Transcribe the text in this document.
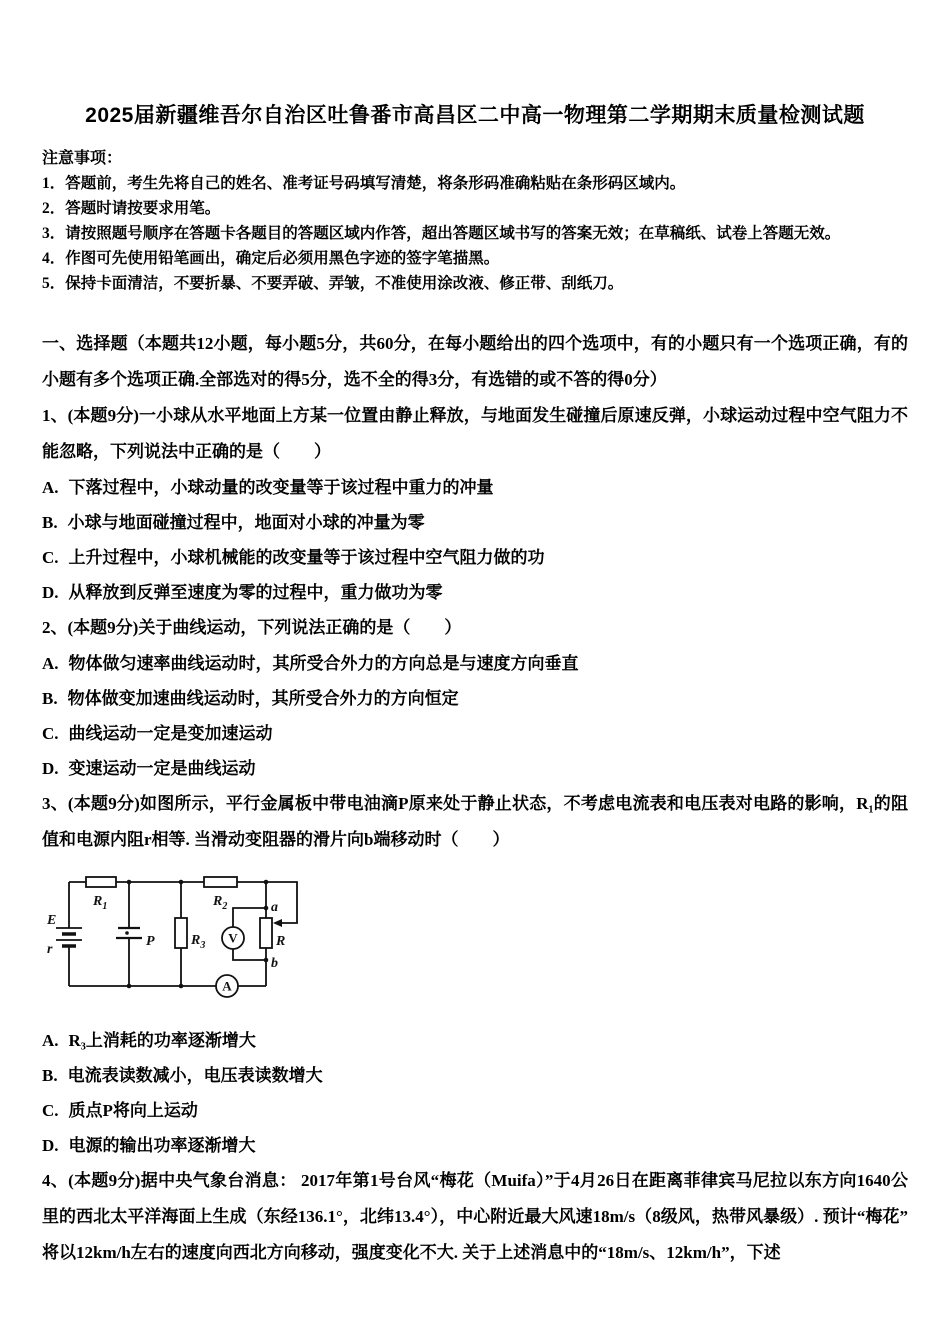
2025届新疆维吾尔自治区吐鲁番市高昌区二中高一物理第二学期期末质量检测试题
注意事项：
1．答题前，考生先将自己的姓名、准考证号码填写清楚，将条形码准确粘贴在条形码区域内。
2．答题时请按要求用笔。
3．请按照题号顺序在答题卡各题目的答题区域内作答，超出答题区域书写的答案无效；在草稿纸、试卷上答题无效。
4．作图可先使用铅笔画出，确定后必须用黑色字迹的签字笔描黑。
5．保持卡面清洁，不要折暴、不要弄破、弄皱，不准使用涂改液、修正带、刮纸刀。
一、选择题（本题共12小题，每小题5分，共60分，在每小题给出的四个选项中，有的小题只有一个选项正确，有的小题有多个选项正确.全部选对的得5分，选不全的得3分，有选错的或不答的得0分）
1、(本题9分)一小球从水平地面上方某一位置由静止释放，与地面发生碰撞后原速反弹，小球运动过程中空气阻力不能忽略，下列说法中正确的是（　　）
A. 下落过程中，小球动量的改变量等于该过程中重力的冲量
B. 小球与地面碰撞过程中，地面对小球的冲量为零
C. 上升过程中，小球机械能的改变量等于该过程中空气阻力做的功
D. 从释放到反弹至速度为零的过程中，重力做功为零
2、(本题9分)关于曲线运动，下列说法正确的是（　　）
A. 物体做匀速率曲线运动时，其所受合外力的方向总是与速度方向垂直
B. 物体做变加速曲线运动时，其所受合外力的方向恒定
C. 曲线运动一定是变加速运动
D. 变速运动一定是曲线运动
3、(本题9分)如图所示，平行金属板中带电油滴P原来处于静止状态，不考虑电流表和电压表对电路的影响，R₁的阻值和电源内阻r相等. 当滑动变阻器的滑片向b端移动时（　　）
E
r
$R_1$
P	$R_3$
$R_2$	a
R
b
V
A
A. R₃上消耗的功率逐渐增大
B. 电流表读数减小，电压表读数增大
C. 质点P将向上运动
D. 电源的输出功率逐渐增大
4、(本题9分)据中央气象台消息： 2017年第1号台风“梅花（Muifa）”于4月26日在距离菲律宾马尼拉以东方向1640公里的西北太平洋海面上生成（东经136.1°，北纬13.4°），中心附近最大风速18m/s（8级风，热带风暴级）. 预计“梅花”将以12km/h左右的速度向西北方向移动，强度变化不大. 关于上述消息中的“18m/s、12km/h”，下述
